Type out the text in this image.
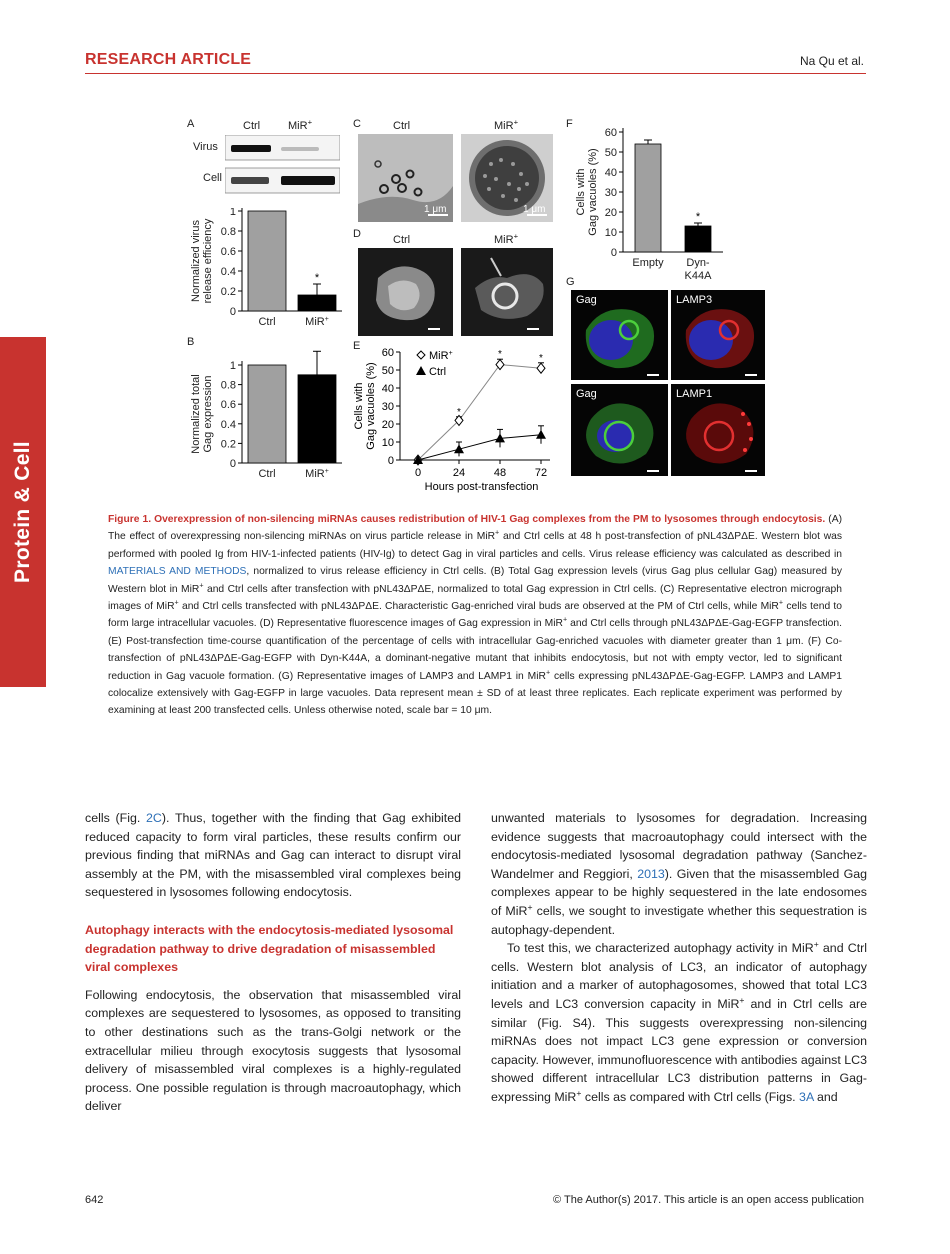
RESEARCH ARTICLE	Na Qu et al.
Protein & Cell
A	Ctrl	MiR+
Virus
Cell
0
0.2
0.4
0.6
0.8
1
Ctrl
*
MiR+
Normalized virus release efficiency
B
0
0.2
0.4
0.6
0.8
1
Ctrl	MiR+
Normalized total Gag expression
C	Ctrl	MiR+
1 μm	1 μm
D	Ctrl	MiR+
E
0
10
20
30
40
50
60
0	24	48	72
Hours post-transfection
Cells with Gag vacuoles (%)	*
*	*
MiR+
Ctrl
F
0
10
20
30
40
50
60
Empty
*
Dyn-
K44A
Cells with Gag vacuoles (%)
G
Gag	LAMP3
Gag	LAMP1
Figure 1. Overexpression of non-silencing miRNAs causes redistribution of HIV-1 Gag complexes from the PM to lysosomes through endocytosis. (A) The effect of overexpressing non-silencing miRNAs on virus particle release in MiR+ and Ctrl cells at 48 h post-transfection of pNL43ΔPΔE. Western blot was performed with pooled Ig from HIV-1-infected patients (HIV-Ig) to detect Gag in viral particles and cells. Virus release efficiency was calculated as described in MATERIALS AND METHODS, normalized to virus release efficiency in Ctrl cells. (B) Total Gag expression levels (virus Gag plus cellular Gag) measured by Western blot in MiR+ and Ctrl cells after transfection with pNL43ΔPΔE, normalized to total Gag expression in Ctrl cells. (C) Representative electron micrograph images of MiR+ and Ctrl cells transfected with pNL43ΔPΔE. Characteristic Gag-enriched viral buds are observed at the PM of Ctrl cells, while MiR+ cells tend to form large intracellular vacuoles. (D) Representative fluorescence images of Gag expression in MiR+ and Ctrl cells through pNL43ΔPΔE-Gag-EGFP transfection. (E) Post-transfection time-course quantification of the percentage of cells with intracellular Gag-enriched vacuoles with diameter greater than 1 μm. (F) Co-transfection of pNL43ΔPΔE-Gag-EGFP with Dyn-K44A, a dominant-negative mutant that inhibits endocytosis, but not with empty vector, led to significant reduction in Gag vacuole formation. (G) Representative images of LAMP3 and LAMP1 in MiR+ cells expressing pNL43ΔPΔE-Gag-EGFP. LAMP3 and LAMP1 colocalize extensively with Gag-EGFP in large vacuoles. Data represent mean ± SD of at least three replicates. Each replicate experiment was performed by examining at least 200 transfected cells. Unless otherwise noted, scale bar = 10 μm.

cells (Fig. 2C). Thus, together with the finding that Gag exhibited reduced capacity to form viral particles, these results confirm our previous finding that miRNAs and Gag can interact to disrupt viral assembly at the PM, with the misassembled viral complexes being sequestered in lysosomes following endocytosis.

Autophagy interacts with the endocytosis-mediated lysosomal degradation pathway to drive degradation of misassembled viral complexes

Following endocytosis, the observation that misassembled viral complexes are sequestered to lysosomes, as opposed to transiting to other destinations such as the trans-Golgi network or the extracellular milieu through exocytosis suggests that lysosomal delivery of misassembled viral complexes is a highly-regulated process. One possible regulation is through macroautophagy, which deliver

unwanted materials to lysosomes for degradation. Increasing evidence suggests that macroautophagy could intersect with the endocytosis-mediated lysosomal degradation pathway (Sanchez-Wandelmer and Reggiori, 2013). Given that the misassembled Gag complexes appear to be highly sequestered in the late endosomes of MiR+ cells, we sought to investigate whether this sequestration is autophagy-dependent.

To test this, we characterized autophagy activity in MiR+ and Ctrl cells. Western blot analysis of LC3, an indicator of autophagy initiation and a marker of autophagosomes, showed that total LC3 levels and LC3 conversion capacity in MiR+ and in Ctrl cells are similar (Fig. S4). This suggests overexpressing non-silencing miRNAs does not impact LC3 gene expression or conversion capacity. However, immunofluorescence with antibodies against LC3 showed different intracellular LC3 distribution patterns in Gag-expressing MiR+ cells as compared with Ctrl cells (Figs. 3A and

642	© The Author(s) 2017. This article is an open access publication
